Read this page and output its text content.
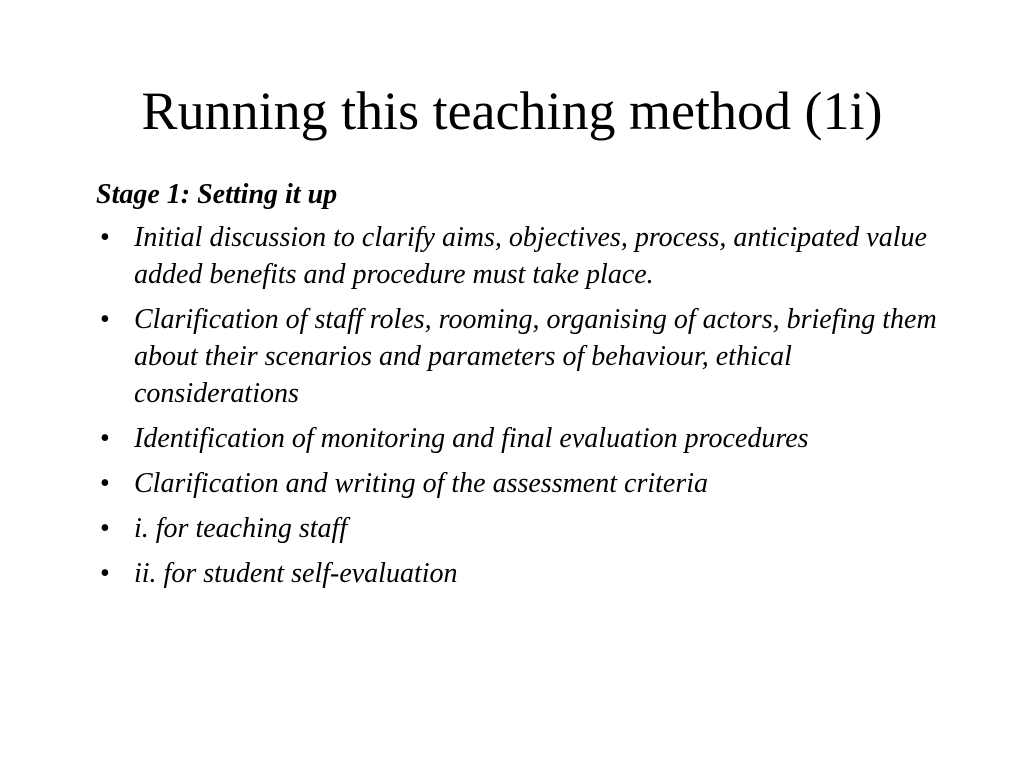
Running this teaching method (1i)
Stage 1: Setting it up
• Initial discussion to clarify aims, objectives, process, anticipated value added benefits and procedure must take place.
• Clarification of staff roles, rooming, organising of actors, briefing them about their scenarios and parameters of behaviour, ethical considerations
• Identification of monitoring and final evaluation procedures
• Clarification and writing of the assessment criteria
• i. for teaching staff
• ii. for student self-evaluation
